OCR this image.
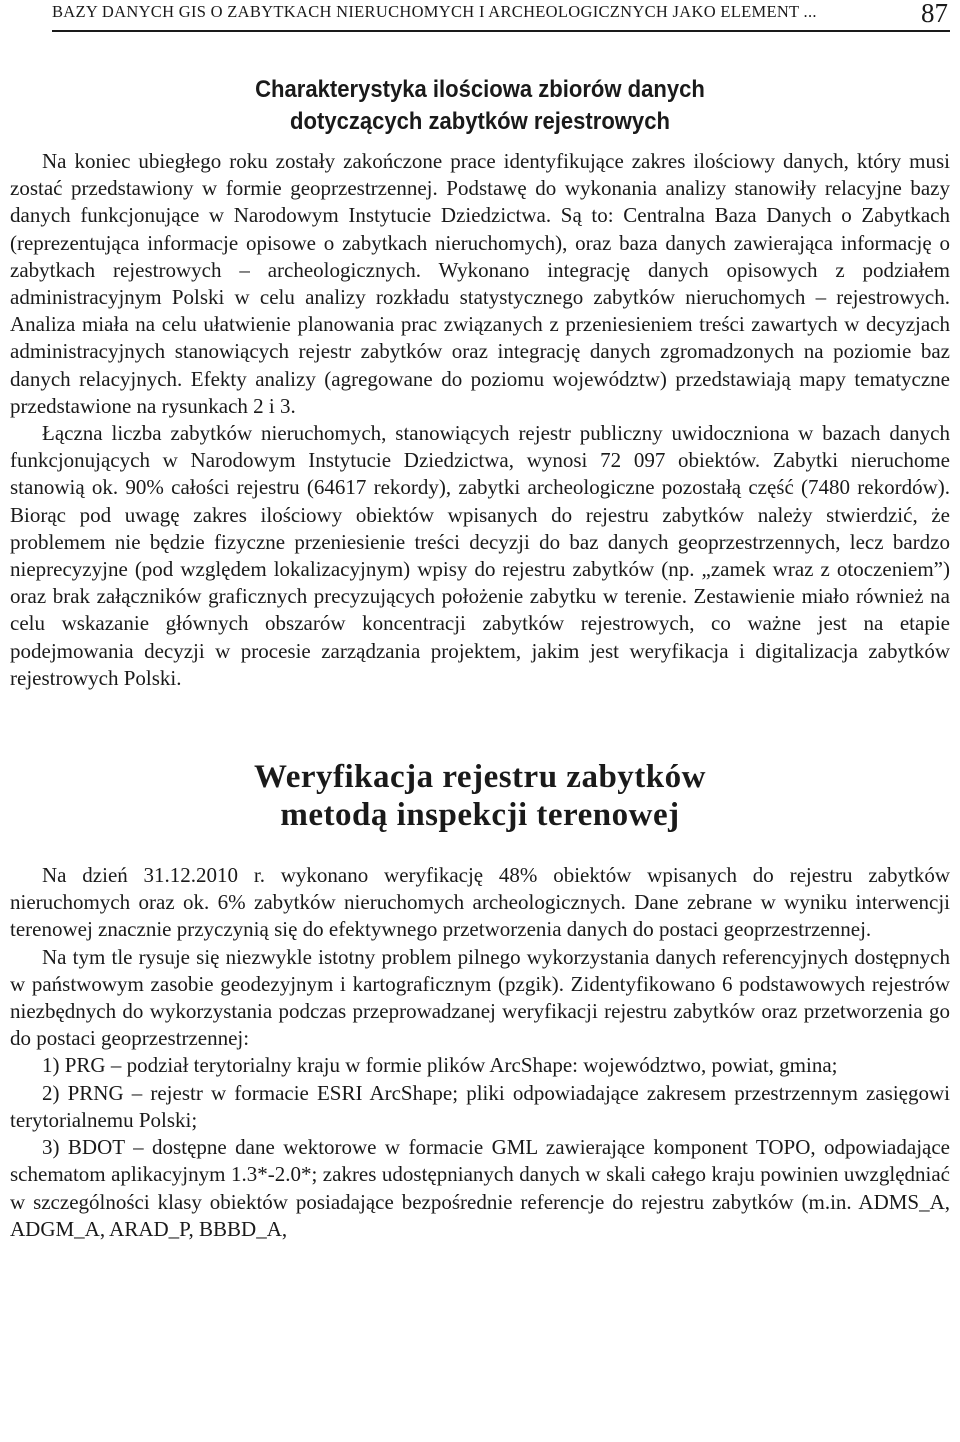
BAZY DANYCH GIS O ZABYTKACH NIERUCHOMYCH I ARCHEOLOGICZNYCH JAKO ELEMENT ...	87
Charakterystyka ilościowa zbiorów danych
dotyczących zabytków rejestrowych

Na koniec ubiegłego roku zostały zakończone prace identyfikujące zakres ilościowy danych, który musi zostać przedstawiony w formie geoprzestrzennej. Podstawę do wykonania analizy stanowiły relacyjne bazy danych funkcjonujące w Narodowym Instytucie Dziedzictwa. Są to: Centralna Baza Danych o Zabytkach (reprezentująca informacje opisowe o zabytkach nieruchomych), oraz baza danych zawierająca informację o zabytkach rejestrowych – archeologicznych. Wykonano integrację danych opisowych z podziałem administracyjnym Polski w celu analizy rozkładu statystycznego zabytków nieruchomych – rejestrowych. Analiza miała na celu ułatwienie planowania prac związanych z przeniesieniem treści zawartych w decyzjach administracyjnych stanowiących rejestr zabytków oraz integrację danych zgromadzonych na poziomie baz danych relacyjnych. Efekty analizy (agregowane do poziomu województw) przedstawiają mapy tematyczne przedstawione na rysunkach 2 i 3.

Łączna liczba zabytków nieruchomych, stanowiących rejestr publiczny uwidoczniona w bazach danych funkcjonujących w Narodowym Instytucie Dziedzictwa, wynosi 72 097 obiektów. Zabytki nieruchome stanowią ok. 90% całości rejestru (64617 rekordy), zabytki archeologiczne pozostałą część (7480 rekordów). Biorąc pod uwagę zakres ilościowy obiektów wpisanych do rejestru zabytków należy stwierdzić, że problemem nie będzie fizyczne przeniesienie treści decyzji do baz danych geoprzestrzennych, lecz bardzo nieprecyzyjne (pod względem lokalizacyjnym) wpisy do rejestru zabytków (np. „zamek wraz z otoczeniem”) oraz brak załączników graficznych precyzujących położenie zabytku w terenie. Zestawienie miało również na celu wskazanie głównych obszarów koncentracji zabytków rejestrowych, co ważne jest na etapie podejmowania decyzji w procesie zarządzania projektem, jakim jest weryfikacja i digitalizacja zabytków rejestrowych Polski.

Weryfikacja rejestru zabytków
metodą inspekcji terenowej

Na dzień 31.12.2010 r. wykonano weryfikację 48% obiektów wpisanych do rejestru zabytków nieruchomych oraz ok. 6% zabytków nieruchomych archeologicznych. Dane zebrane w wyniku interwencji terenowej znacznie przyczynią się do efektywnego przetworzenia danych do postaci geoprzestrzennej.

Na tym tle rysuje się niezwykle istotny problem pilnego wykorzystania danych referencyjnych dostępnych w państwowym zasobie geodezyjnym i kartograficznym (pzgik). Zidentyfikowano 6 podstawowych rejestrów niezbędnych do wykorzystania podczas przeprowadzanej weryfikacji rejestru zabytków oraz przetworzenia go do postaci geoprzestrzennej:

1) PRG – podział terytorialny kraju w formie plików ArcShape: województwo, powiat, gmina;

2) PRNG – rejestr w formacie ESRI ArcShape; pliki odpowiadające zakresem przestrzennym zasięgowi terytorialnemu Polski;

3) BDOT – dostępne dane wektorowe w formacie GML zawierające komponent TOPO, odpowiadające schematom aplikacyjnym 1.3*-2.0*; zakres udostępnianych danych w skali całego kraju powinien uwzględniać w szczególności klasy obiektów posiadające bezpośrednie referencje do rejestru zabytków (m.in. ADMS_A, ADGM_A, ARAD_P, BBBD_A,
